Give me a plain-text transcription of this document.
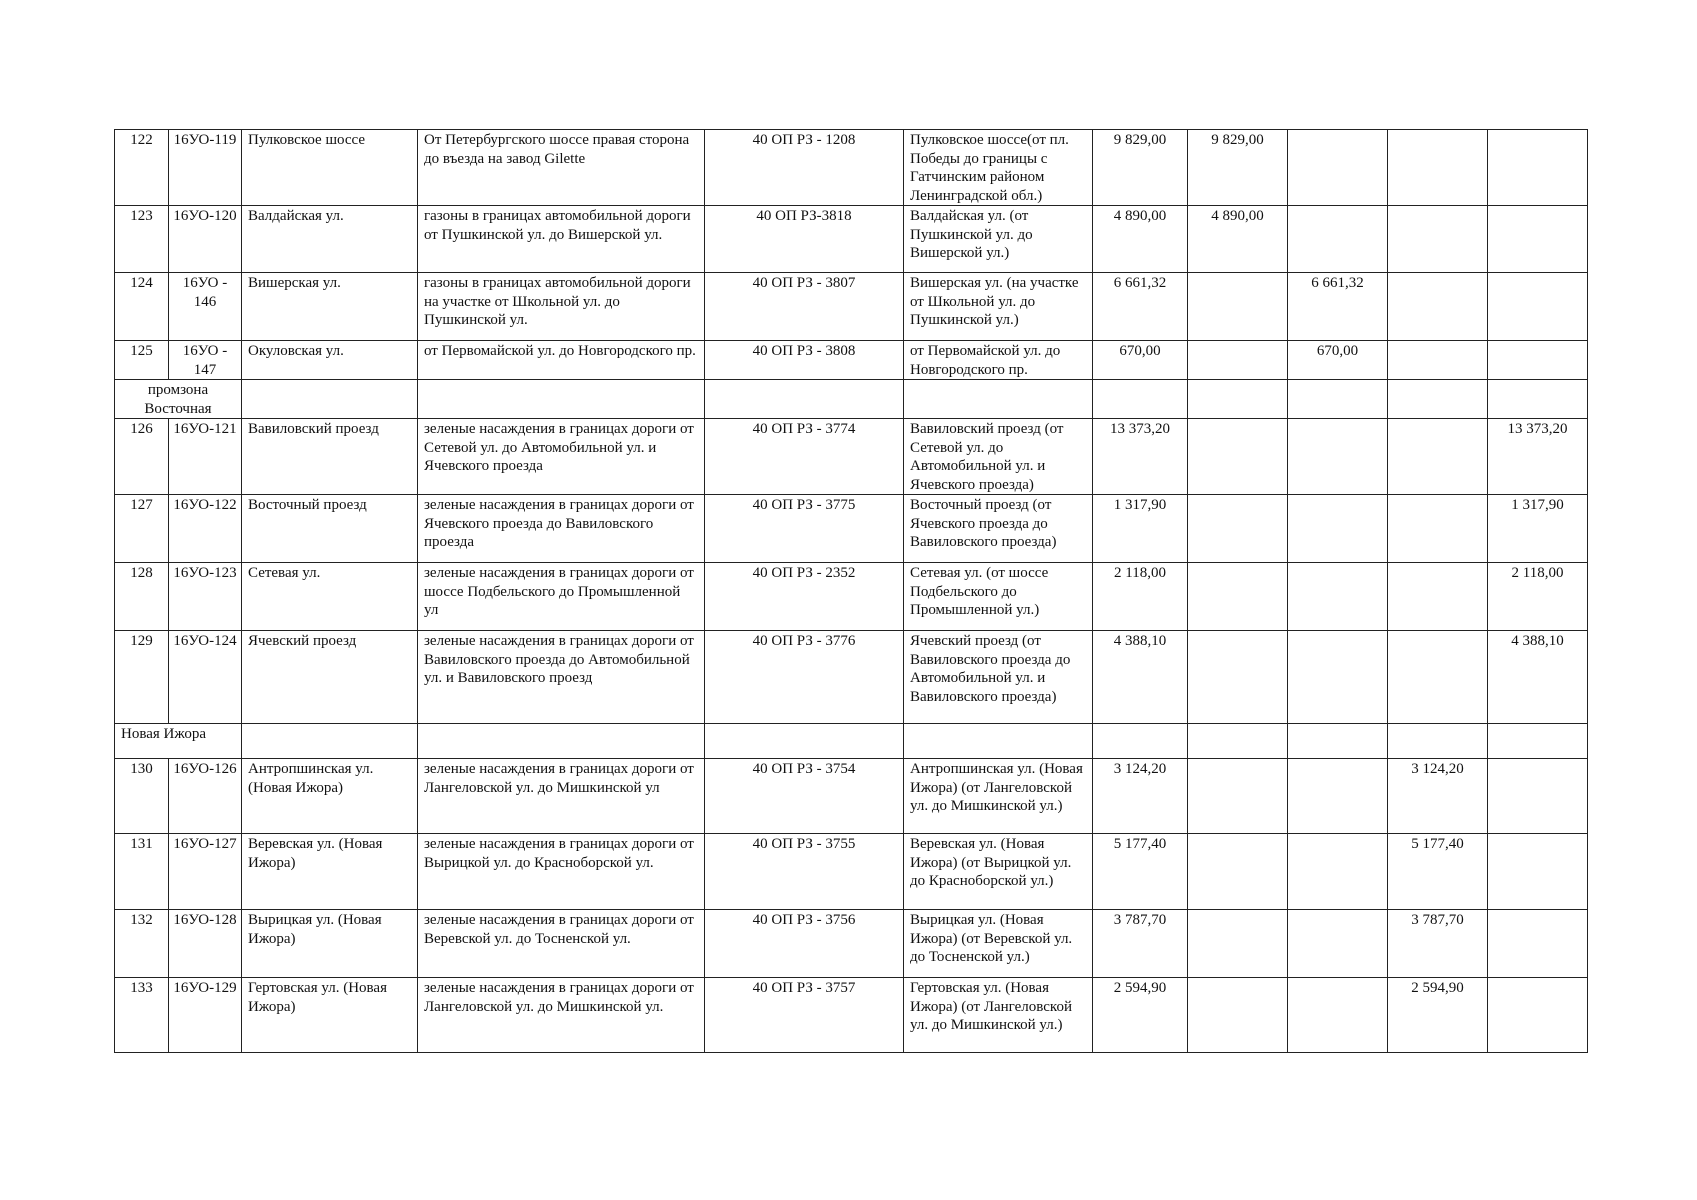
122	16УО-119	Пулковское шоссе	От Петербургского шоссе правая сторона до въезда на завод Gilette	40 ОП РЗ - 1208	Пулковское шоссе(от пл. Победы до границы с Гатчинским районом Ленинградской обл.)	9 829,00	9 829,00			
123	16УО-120	Валдайская ул.	газоны в границах автомобильной дороги от Пушкинской ул. до Вишерской ул.	40 ОП РЗ-3818	Валдайская ул. (от Пушкинской ул. до Вишерской ул.)	4 890,00	4 890,00			
124	16УО - 146	Вишерская ул.	газоны в границах автомобильной дороги на участке от Школьной ул. до Пушкинской ул.	40 ОП РЗ - 3807	Вишерская ул. (на участке от Школьной ул. до Пушкинской ул.)	6 661,32		6 661,32		
125	16УО - 147	Окуловская ул.	от Первомайской ул. до Новгородского пр.	40 ОП РЗ - 3808	от Первомайской ул. до Новгородского пр.	670,00		670,00		
промзона Восточная										
126	16УО-121	Вавиловский проезд	зеленые насаждения в границах дороги от Сетевой ул. до Автомобильной ул. и Ячевского проезда	40 ОП РЗ - 3774	Вавиловский проезд (от Сетевой ул. до Автомобильной ул. и Ячевского проезда)	13 373,20				13 373,20
127	16УО-122	Восточный проезд	зеленые насаждения в границах дороги от Ячевского проезда до Вавиловского проезда	40 ОП РЗ - 3775	Восточный проезд (от Ячевского проезда до Вавиловского проезда)	1 317,90				1 317,90
128	16УО-123	Сетевая ул.	зеленые насаждения в границах дороги от шоссе Подбельского до Промышленной ул	40 ОП РЗ - 2352	Сетевая ул. (от шоссе Подбельского до Промышленной ул.)	2 118,00				2 118,00
129	16УО-124	Ячевский проезд	зеленые насаждения в границах дороги от Вавиловского проезда до Автомобильной ул. и Вавиловского проезд	40 ОП РЗ - 3776	Ячевский проезд (от Вавиловского проезда до Автомобильной ул. и Вавиловского проезда)	4 388,10				4 388,10
Новая Ижора										
130	16УО-126	Антропшинская ул. (Новая Ижора)	зеленые насаждения в границах дороги от Лангеловской ул. до Мишкинской ул	40 ОП РЗ - 3754	Антропшинская ул. (Новая Ижора) (от Лангеловской ул. до Мишкинской ул.)	3 124,20			3 124,20	
131	16УО-127	Веревская ул. (Новая Ижора)	зеленые насаждения в границах дороги от Вырицкой ул. до Красноборской ул.	40 ОП РЗ - 3755	Веревская ул. (Новая Ижора) (от Вырицкой ул. до Красноборской ул.)	5 177,40			5 177,40	
132	16УО-128	Вырицкая ул. (Новая Ижора)	зеленые насаждения в границах дороги от Веревской ул. до Тосненской ул.	40 ОП РЗ - 3756	Вырицкая ул. (Новая Ижора) (от Веревской ул. до Тосненской ул.)	3 787,70			3 787,70	
133	16УО-129	Гертовская ул. (Новая Ижора)	зеленые насаждения в границах дороги от Лангеловской ул. до Мишкинской ул.	40 ОП РЗ - 3757	Гертовская ул. (Новая Ижора) (от Лангеловской ул. до Мишкинской ул.)	2 594,90			2 594,90	
